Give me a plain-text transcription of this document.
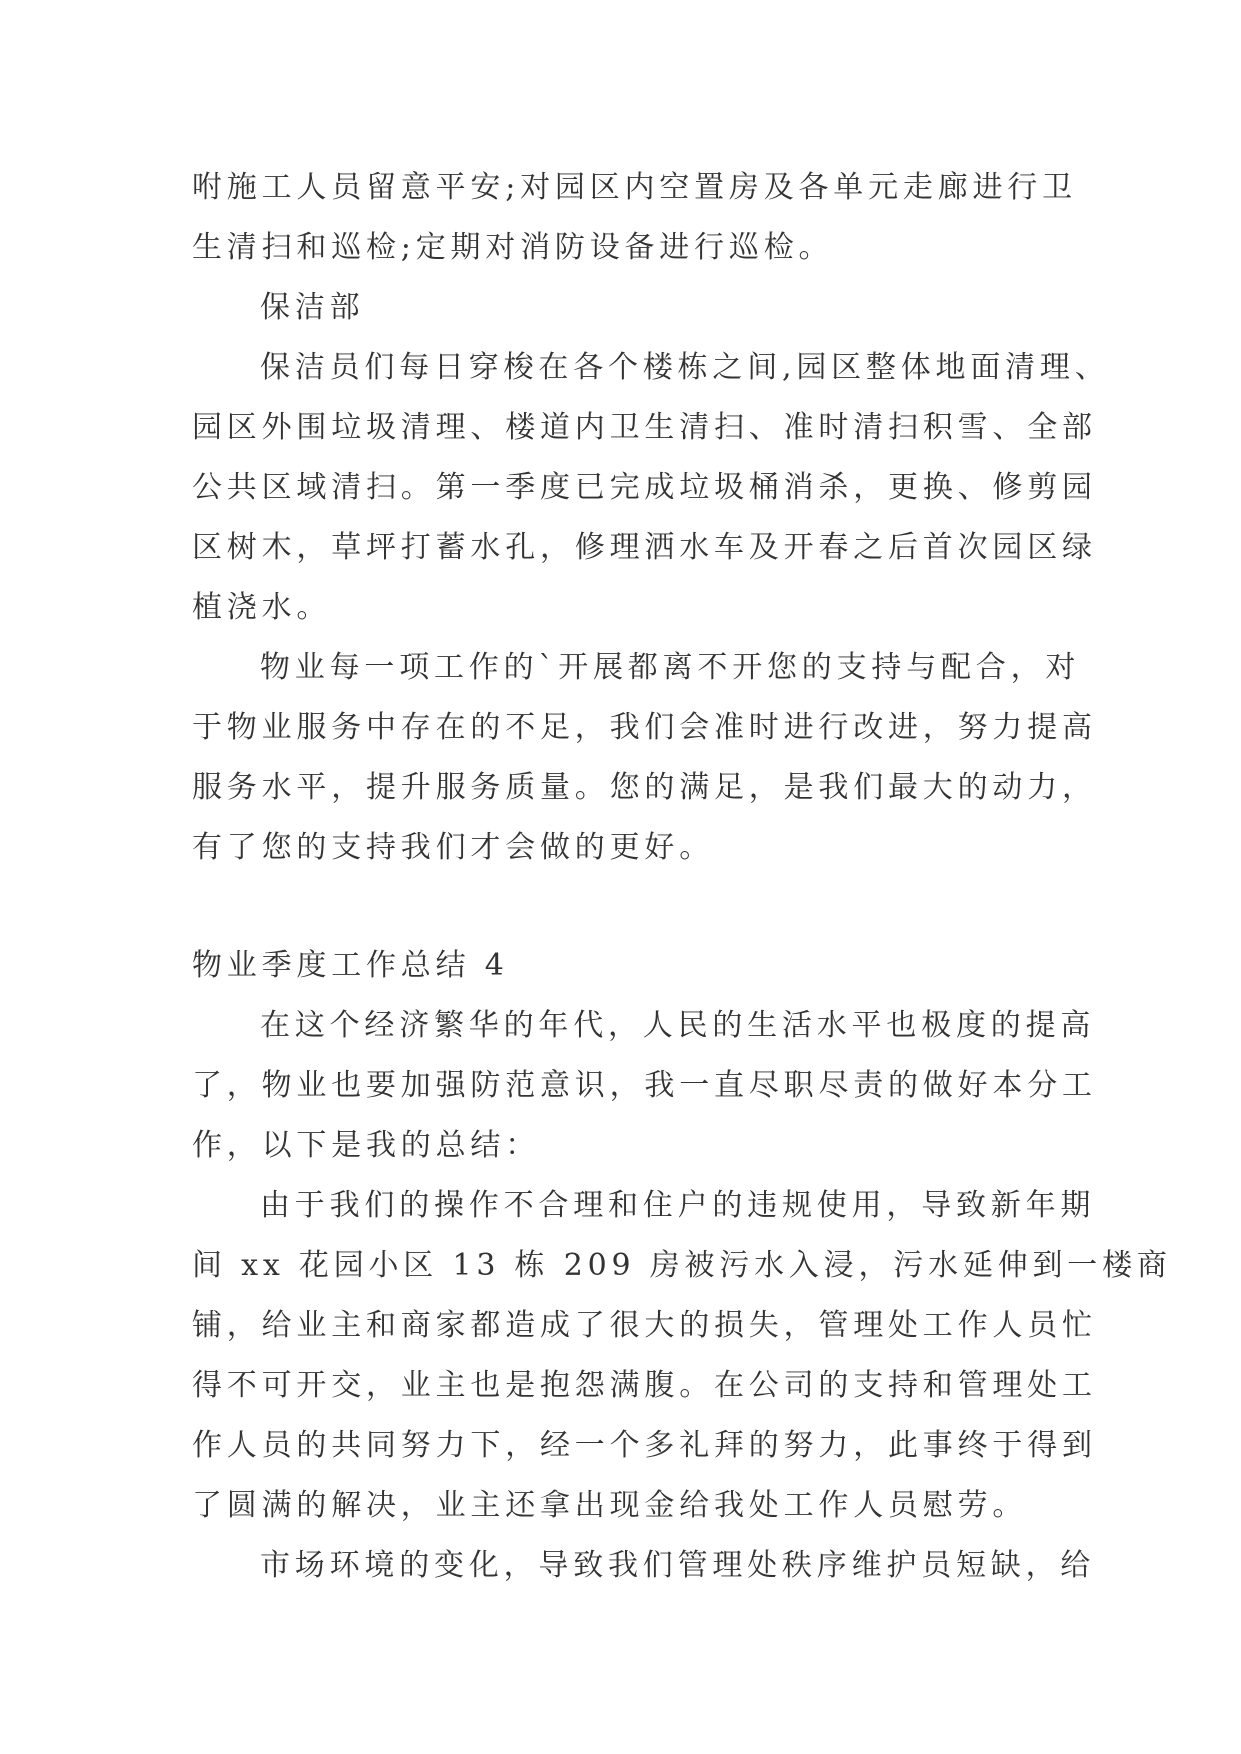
咐施工人员留意平安;对园区内空置房及各单元走廊进行卫
生清扫和巡检;定期对消防设备进行巡检。
保洁部
保洁员们每日穿梭在各个楼栋之间,园区整体地面清理、
园区外围垃圾清理、楼道内卫生清扫、准时清扫积雪、全部
公共区域清扫。第一季度已完成垃圾桶消杀，更换、修剪园
区树木，草坪打蓄水孔，修理洒水车及开春之后首次园区绿
植浇水。
物业每一项工作的`开展都离不开您的支持与配合，对
于物业服务中存在的不足，我们会准时进行改进，努力提高
服务水平，提升服务质量。您的满足，是我们最大的动力，
有了您的支持我们才会做的更好。
物业季度工作总结 4
在这个经济繁华的年代，人民的生活水平也极度的提高
了，物业也要加强防范意识，我一直尽职尽责的做好本分工
作，以下是我的总结：
由于我们的操作不合理和住户的违规使用，导致新年期
间 xx 花园小区 13 栋 209 房被污水入浸，污水延伸到一楼商
铺，给业主和商家都造成了很大的损失，管理处工作人员忙
得不可开交，业主也是抱怨满腹。在公司的支持和管理处工
作人员的共同努力下，经一个多礼拜的努力，此事终于得到
了圆满的解决，业主还拿出现金给我处工作人员慰劳。
市场环境的变化，导致我们管理处秩序维护员短缺，给
